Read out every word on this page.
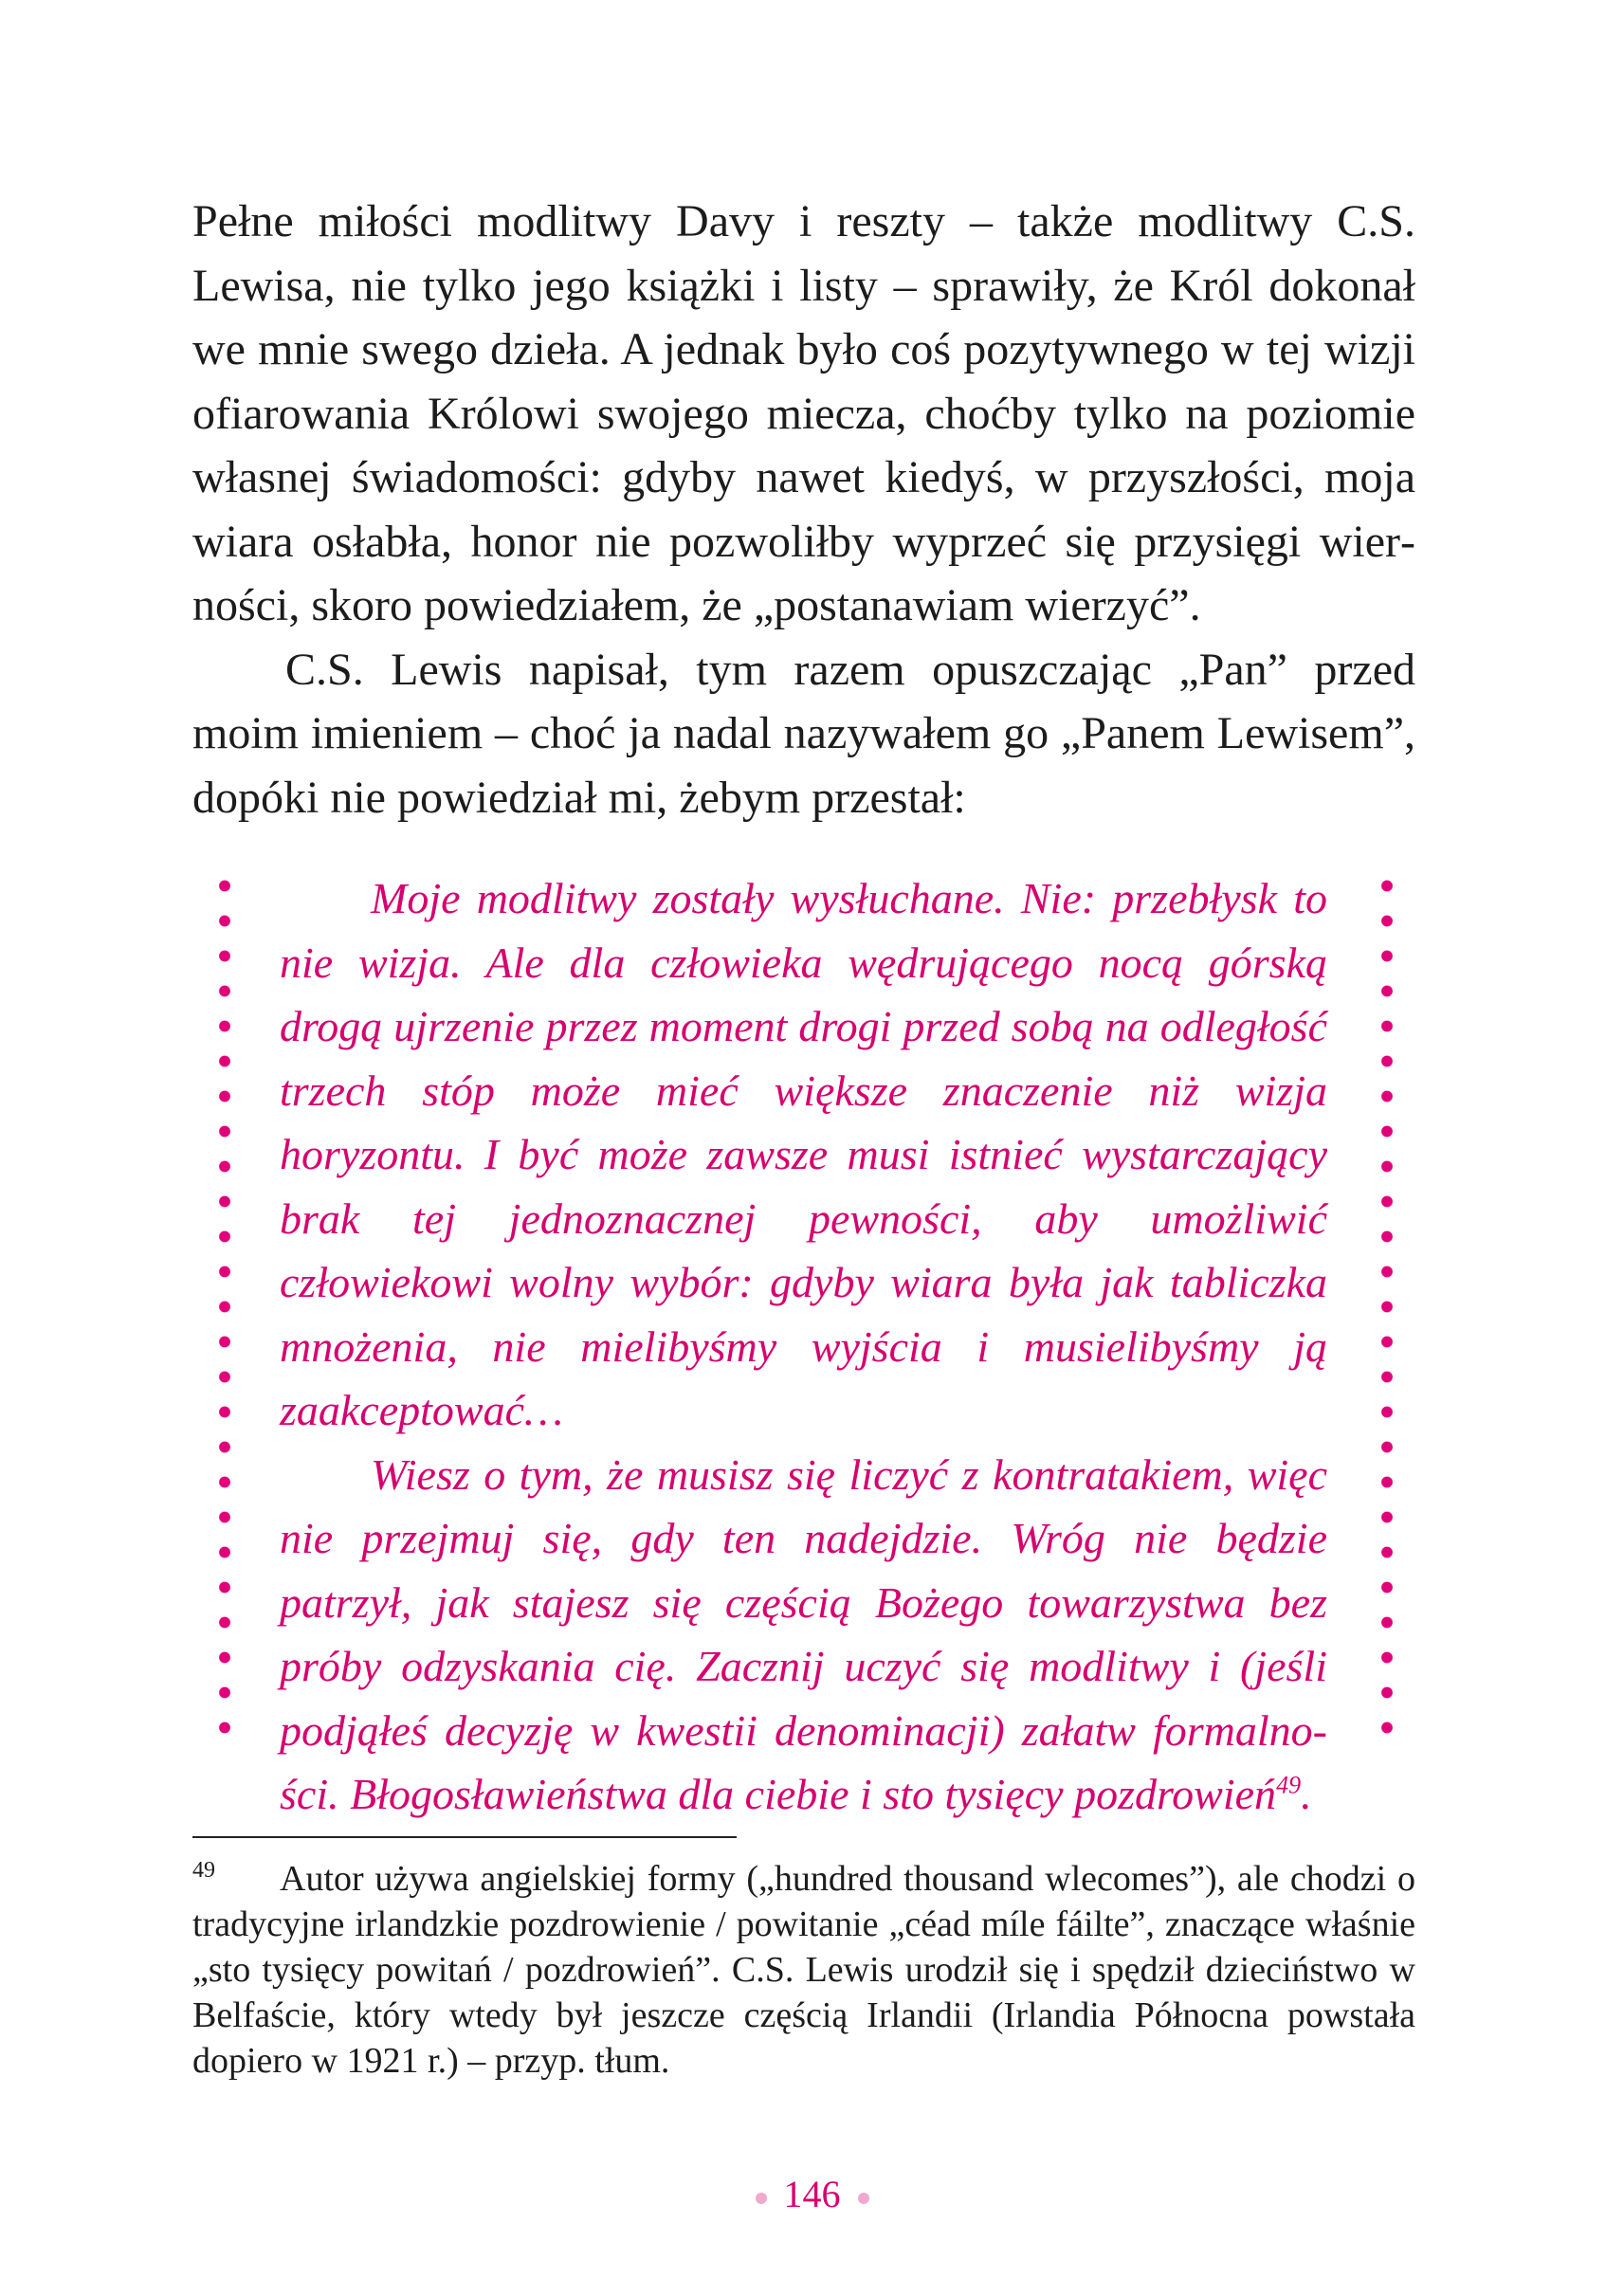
Pełne miłości modlitwy Davy i reszty – także modlitwy C.S. Lewisa, nie tylko jego książki i listy – sprawiły, że Król dokonał we mnie swego dzieła. A jednak było coś pozytywnego w tej wizji ofiarowania Królowi swojego miecza, choćby tylko na poziomie własnej świadomości: gdyby nawet kiedyś, w przyszłości, moja wiara osłabła, honor nie pozwoliłby wyprzeć się przysięgi wierności, skoro powiedziałem, że „postanawiam wierzyć”.

C.S. Lewis napisał, tym razem opuszczając „Pan” przed moim imieniem – choć ja nadal nazywałem go „Panem Lewisem”, dopóki nie powiedział mi, żebym przestał:

Moje modlitwy zostały wysłuchane. Nie: przebłysk to nie wizja. Ale dla człowieka wędrującego nocą górską drogą ujrzenie przez moment drogi przed sobą na odległość trzech stóp może mieć większe znaczenie niż wizja horyzontu. I być może zawsze musi istnieć wystarczający brak tej jednoznacznej pewności, aby umożliwić człowiekowi wolny wybór: gdyby wiara była jak tabliczka mnożenia, nie mielibyśmy wyjścia i musielibyśmy ją zaakceptować…

Wiesz o tym, że musisz się liczyć z kontratakiem, więc nie przejmuj się, gdy ten nadejdzie. Wróg nie będzie patrzył, jak stajesz się częścią Bożego towarzystwa bez próby odzyskania cię. Zacznij uczyć się modlitwy i (jeśli podjąłeś decyzję w kwestii denominacji) załatw formalności. Błogosławieństwa dla ciebie i sto tysięcy pozdrowień$^{49}$.

49 Autor używa angielskiej formy („hundred thousand wlecomes”), ale chodzi o tradycyjne irlandzkie pozdrowienie / powitanie „céad míle fáilte”, znaczące właśnie „sto tysięcy powitań / pozdrowień”. C.S. Lewis urodził się i spędził dzieciństwo w Belfaście, który wtedy był jeszcze częścią Irlandii (Irlandia Północna powstała dopiero w 1921 r.) – przyp. tłum.

146
